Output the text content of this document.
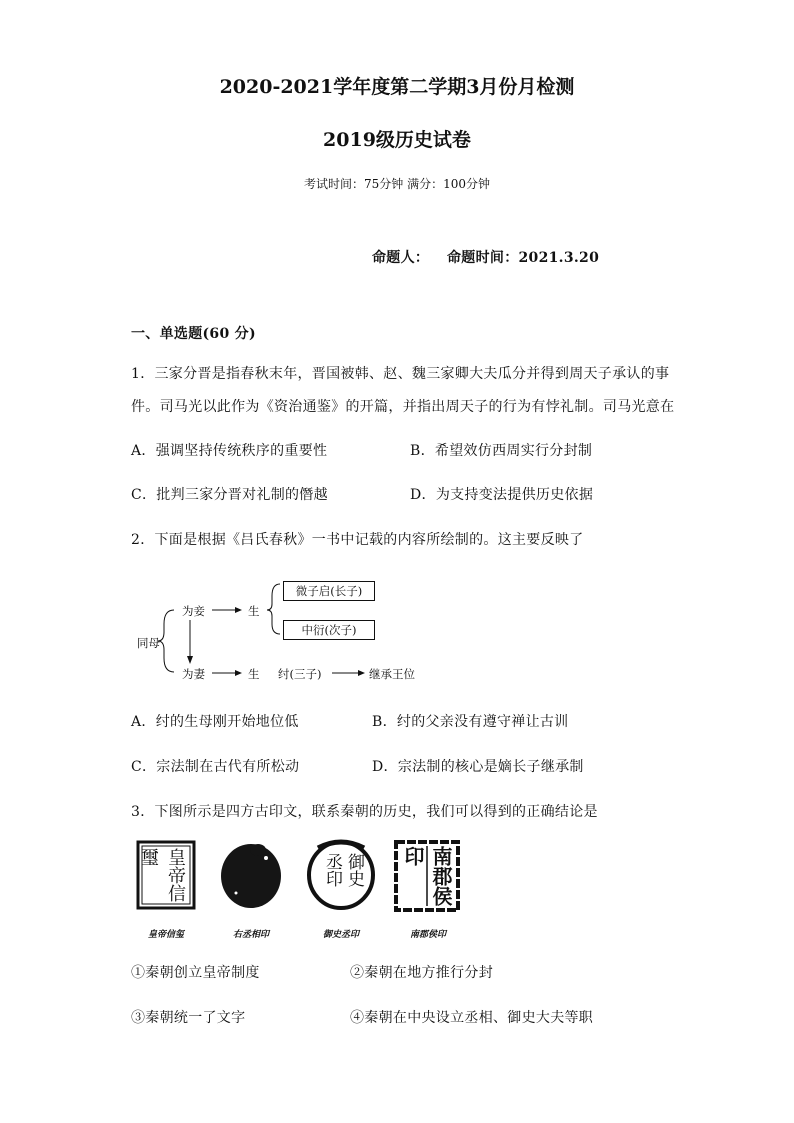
2020-2021学年度第二学期3月份月检测
2019级历史试卷
考试时间：75分钟 满分：100分钟
命题人： 命题时间：2021.3.20
一、单选题(60 分)
1．三家分晋是指春秋末年，晋国被韩、赵、魏三家卿大夫瓜分并得到周天子承认的事
件。司马光以此作为《资治通鉴》的开篇，并指出周天子的行为有悖礼制。司马光意在
A．强调坚持传统秩序的重要性	B．希望效仿西周实行分封制
C．批判三家分晋对礼制的僭越	D．为支持变法提供历史依据
2．下面是根据《吕氏春秋》一书中记载的内容所绘制的。这主要反映了
同母
为妾	生
微子启(长子)
中衍(次子)
为妻	生 纣(三子)	继承王位
A．纣的生母刚开始地位低	B．纣的父亲没有遵守禅让古训
C．宗法制在古代有所松动	D．宗法制的核心是嫡长子继承制
3．下图所示是四方古印文，联系秦朝的历史，我们可以得到的正确结论是
皇帝信璽
皇帝信玺	右丞相印
御史丞印
御史丞印
南郡侯印
南郡侯印
①秦朝创立皇帝制度	②秦朝在地方推行分封
③秦朝统一了文字	④秦朝在中央设立丞相、御史大夫等职
